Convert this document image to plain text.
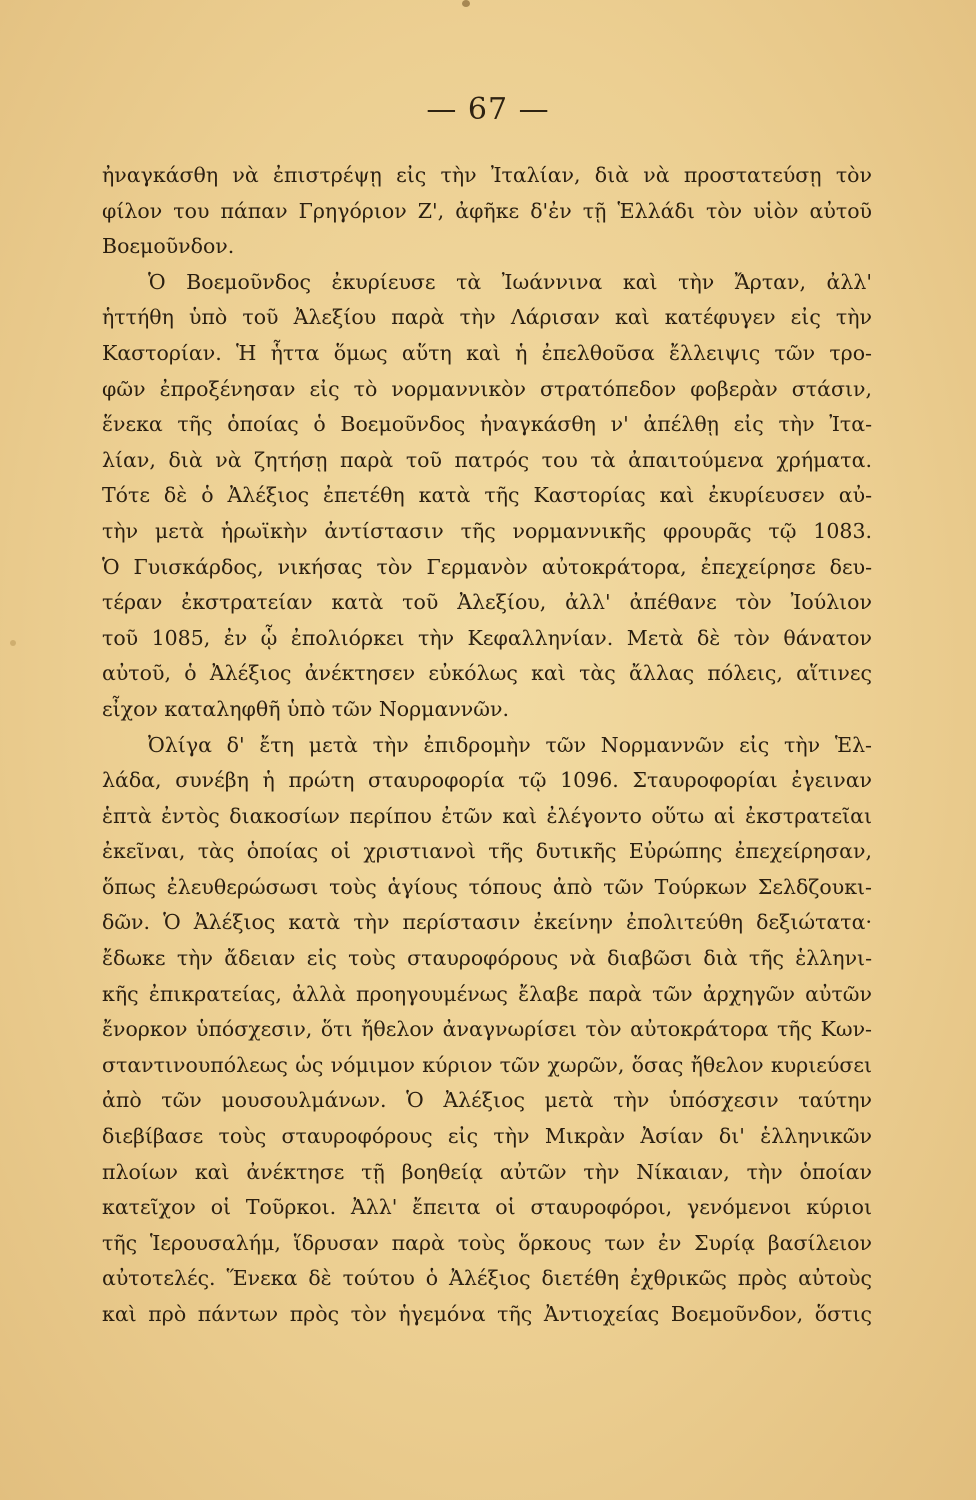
— 67 —
ἠναγκάσθη νὰ ἐπιστρέψῃ εἰς τὴν Ἰταλίαν, διὰ νὰ προστατεύσῃ τὸν
φίλον του πάπαν Γρηγόριον Ζ', ἀφῆκε δ'ἐν τῇ Ἑλλάδι τὸν υἱὸν αὐτοῦ
Βοεμοῦνδον.
Ὁ Βοεμοῦνδος ἐκυρίευσε τὰ Ἰωάννινα καὶ τὴν Ἄρταν, ἀλλ'
ἡττήθη ὑπὸ τοῦ Ἀλεξίου παρὰ τὴν Λάρισαν καὶ κατέφυγεν εἰς τὴν
Καστορίαν. Ἡ ἧττα ὅμως αὕτη καὶ ἡ ἐπελθοῦσα ἔλλειψις τῶν τρο-
φῶν ἐπροξένησαν εἰς τὸ νορμαννικὸν στρατόπεδον φοβερὰν στάσιν,
ἕνεκα τῆς ὁποίας ὁ Βοεμοῦνδος ἠναγκάσθη ν' ἀπέλθῃ εἰς τὴν Ἰτα-
λίαν, διὰ νὰ ζητήσῃ παρὰ τοῦ πατρός του τὰ ἀπαιτούμενα χρήματα.
Τότε δὲ ὁ Ἀλέξιος ἐπετέθη κατὰ τῆς Καστορίας καὶ ἐκυρίευσεν αὐ-
τὴν μετὰ ἡρωϊκὴν ἀντίστασιν τῆς νορμαννικῆς φρουρᾶς τῷ 1083.
Ὁ Γυισκάρδος, νικήσας τὸν Γερμανὸν αὐτοκράτορα, ἐπεχείρησε δευ-
τέραν ἐκστρατείαν κατὰ τοῦ Ἀλεξίου, ἀλλ' ἀπέθανε τὸν Ἰούλιον
τοῦ 1085, ἐν ᾧ ἐπολιόρκει τὴν Κεφαλληνίαν. Μετὰ δὲ τὸν θάνατον
αὐτοῦ, ὁ Ἀλέξιος ἀνέκτησεν εὐκόλως καὶ τὰς ἄλλας πόλεις, αἵτινες
εἶχον καταληφθῆ ὑπὸ τῶν Νορμαννῶν.
Ὀλίγα δ' ἔτη μετὰ τὴν ἐπιδρομὴν τῶν Νορμαννῶν εἰς τὴν Ἑλ-
λάδα, συνέβη ἡ πρώτη σταυροφορία τῷ 1096. Σταυροφορίαι ἐγειναν
ἑπτὰ ἐντὸς διακοσίων περίπου ἐτῶν καὶ ἐλέγοντο οὕτω αἱ ἐκστρατεῖαι
ἐκεῖναι, τὰς ὁποίας οἱ χριστιανοὶ τῆς δυτικῆς Εὐρώπης ἐπεχείρησαν,
ὅπως ἐλευθερώσωσι τοὺς ἁγίους τόπους ἀπὸ τῶν Τούρκων Σελδζουκι-
δῶν. Ὁ Ἀλέξιος κατὰ τὴν περίστασιν ἐκείνην ἐπολιτεύθη δεξιώτατα·
ἔδωκε τὴν ἄδειαν εἰς τοὺς σταυροφόρους νὰ διαβῶσι διὰ τῆς ἑλληνι-
κῆς ἐπικρατείας, ἀλλὰ προηγουμένως ἔλαβε παρὰ τῶν ἀρχηγῶν αὐτῶν
ἔνορκον ὑπόσχεσιν, ὅτι ἤθελον ἀναγνωρίσει τὸν αὐτοκράτορα τῆς Κων-
σταντινουπόλεως ὡς νόμιμον κύριον τῶν χωρῶν, ὅσας ἤθελον κυριεύσει
ἀπὸ τῶν μουσουλμάνων. Ὁ Ἀλέξιος μετὰ τὴν ὑπόσχεσιν ταύτην
διεβίβασε τοὺς σταυροφόρους εἰς τὴν Μικρὰν Ἀσίαν δι' ἑλληνικῶν
πλοίων καὶ ἀνέκτησε τῇ βοηθείᾳ αὐτῶν τὴν Νίκαιαν, τὴν ὁποίαν
κατεῖχον οἱ Τοῦρκοι. Ἀλλ' ἔπειτα οἱ σταυροφόροι, γενόμενοι κύριοι
τῆς Ἱερουσαλήμ, ἵδρυσαν παρὰ τοὺς ὅρκους των ἐν Συρίᾳ βασίλειον
αὐτοτελές. Ἕνεκα δὲ τούτου ὁ Ἀλέξιος διετέθη ἐχθρικῶς πρὸς αὐτοὺς
καὶ πρὸ πάντων πρὸς τὸν ἡγεμόνα τῆς Ἀντιοχείας Βοεμοῦνδον, ὅστις
